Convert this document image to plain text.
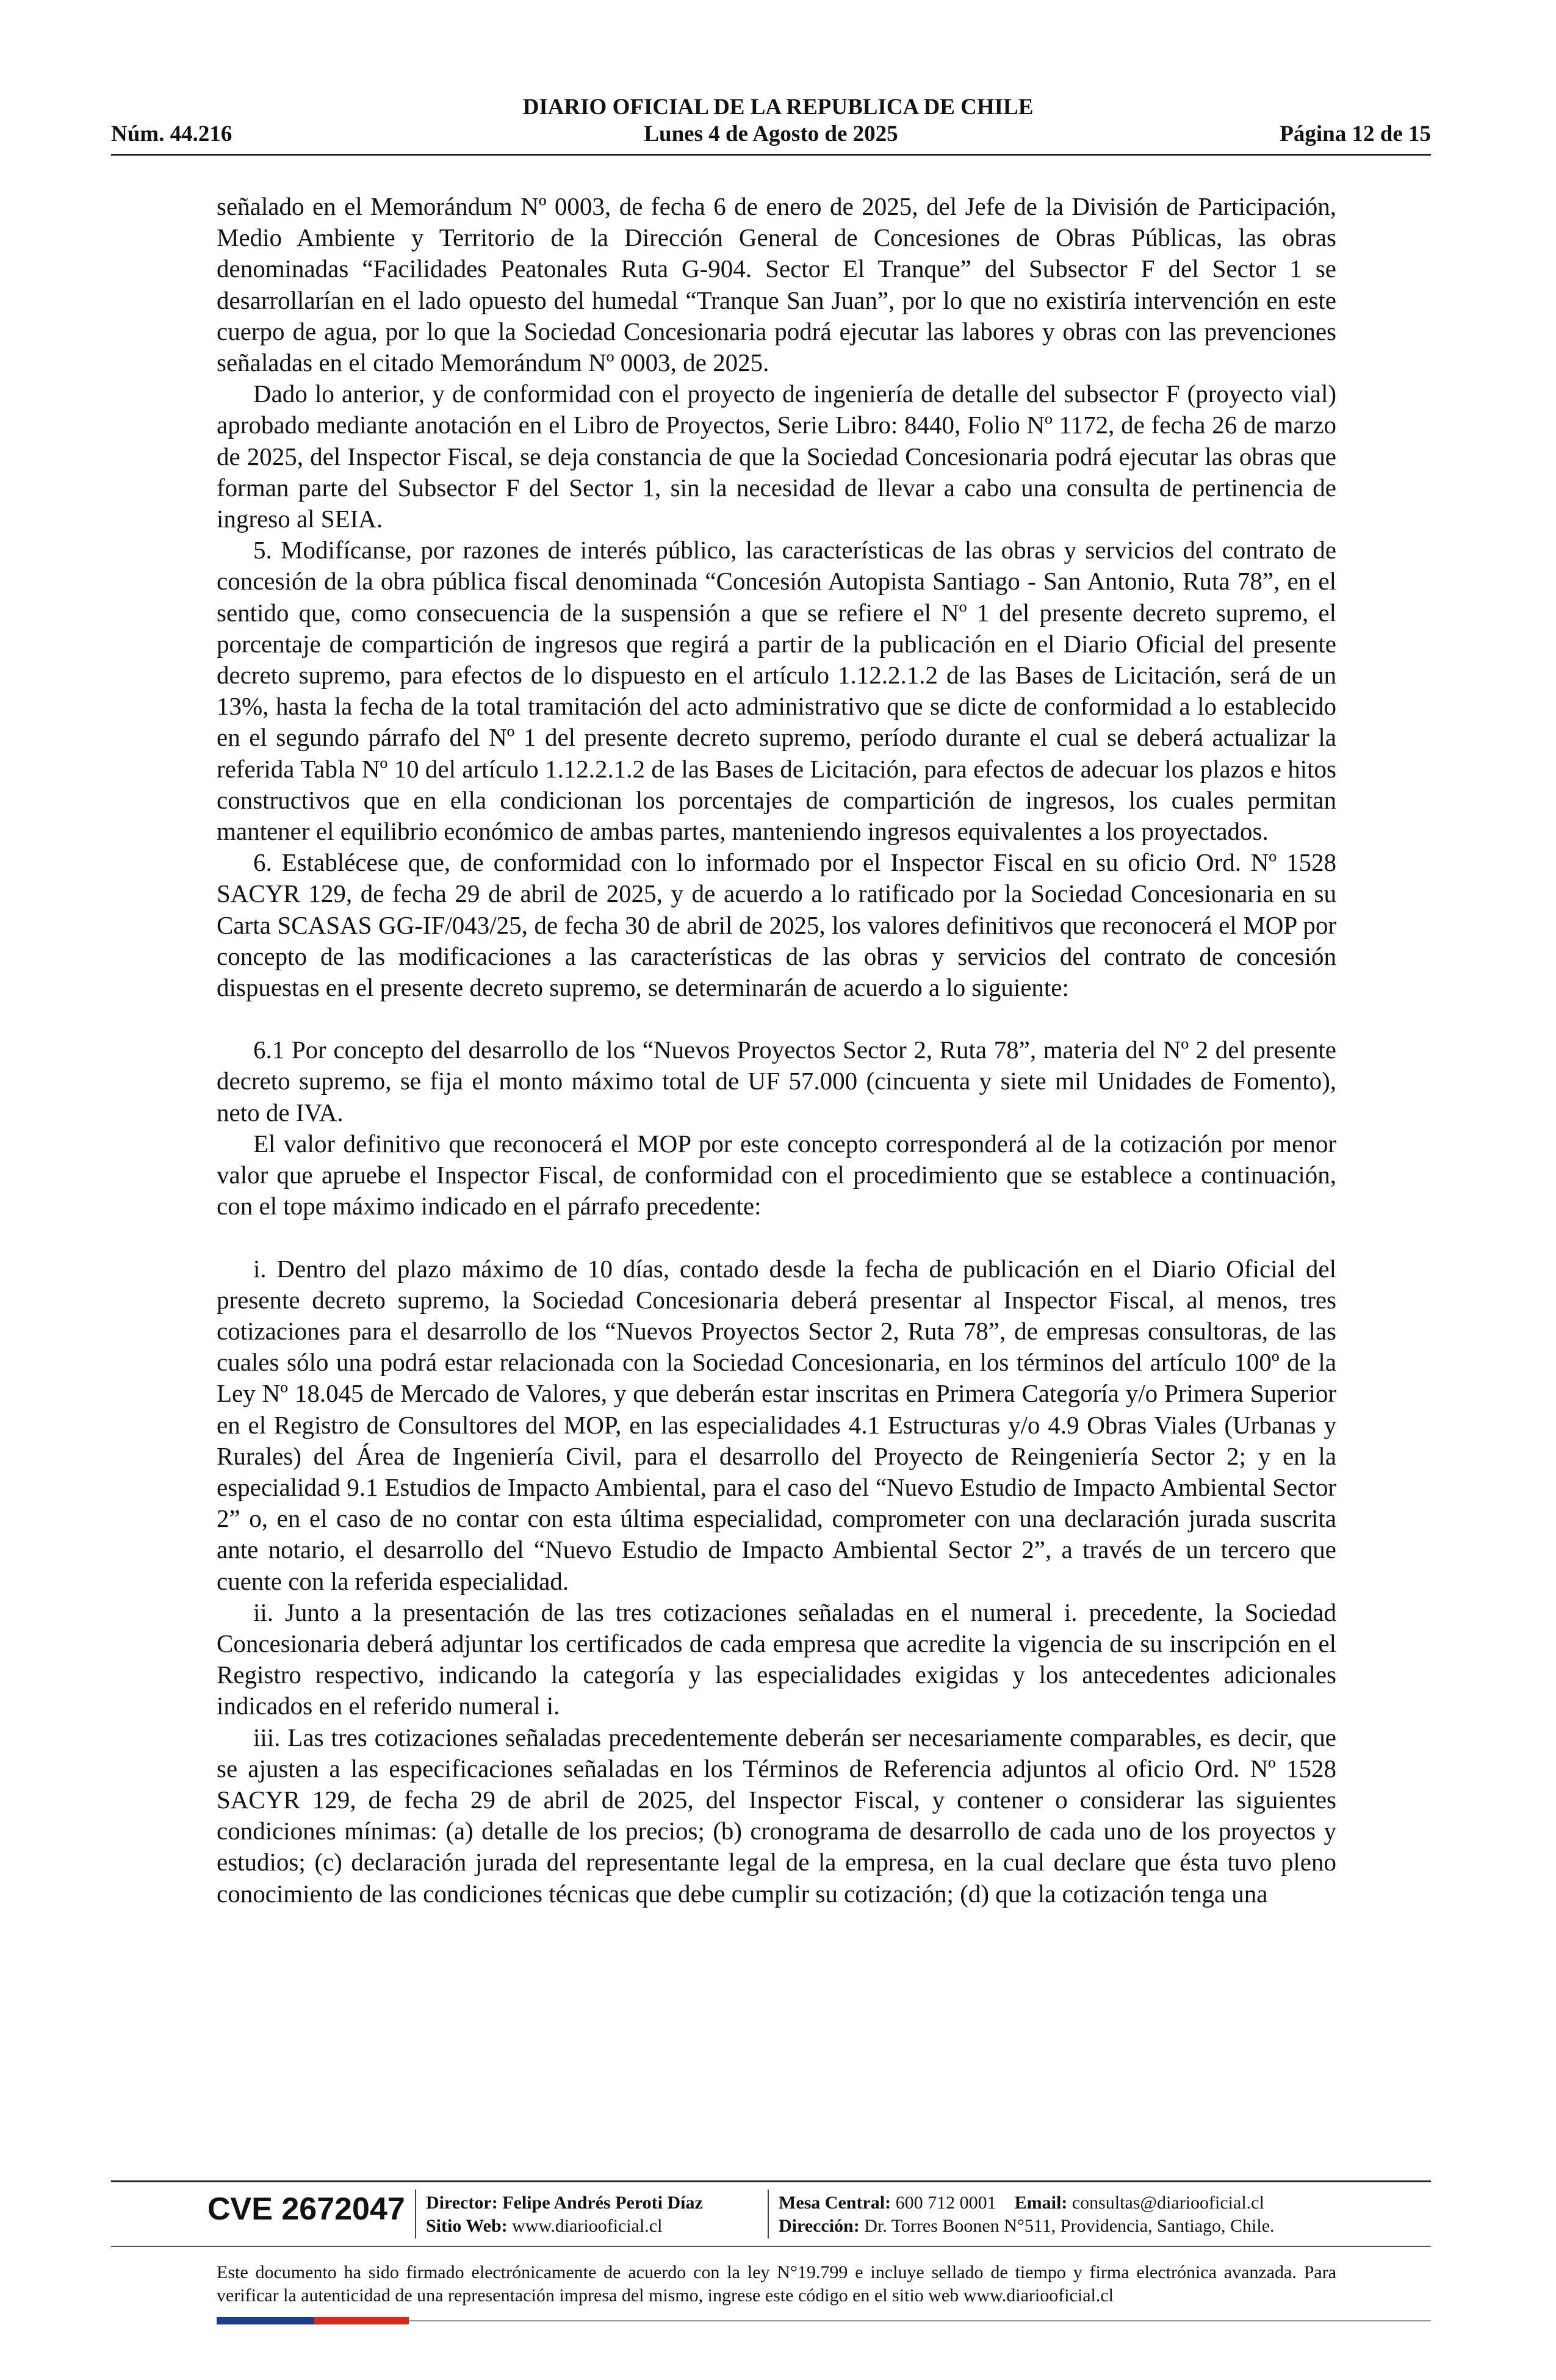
DIARIO OFICIAL DE LA REPUBLICA DE CHILE
Núm. 44.216	Lunes 4 de Agosto de 2025	Página 12 de 15

señalado en el Memorándum Nº 0003, de fecha 6 de enero de 2025, del Jefe de la División de Participación, Medio Ambiente y Territorio de la Dirección General de Concesiones de Obras Públicas, las obras denominadas “Facilidades Peatonales Ruta G-904. Sector El Tranque” del Subsector F del Sector 1 se desarrollarían en el lado opuesto del humedal “Tranque San Juan”, por lo que no existiría intervención en este cuerpo de agua, por lo que la Sociedad Concesionaria podrá ejecutar las labores y obras con las prevenciones señaladas en el citado Memorándum Nº 0003, de 2025.

Dado lo anterior, y de conformidad con el proyecto de ingeniería de detalle del subsector F (proyecto vial) aprobado mediante anotación en el Libro de Proyectos, Serie Libro: 8440, Folio Nº 1172, de fecha 26 de marzo de 2025, del Inspector Fiscal, se deja constancia de que la Sociedad Concesionaria podrá ejecutar las obras que forman parte del Subsector F del Sector 1, sin la necesidad de llevar a cabo una consulta de pertinencia de ingreso al SEIA.

5. Modifícanse, por razones de interés público, las características de las obras y servicios del contrato de concesión de la obra pública fiscal denominada “Concesión Autopista Santiago - San Antonio, Ruta 78”, en el sentido que, como consecuencia de la suspensión a que se refiere el Nº 1 del presente decreto supremo, el porcentaje de compartición de ingresos que regirá a partir de la publicación en el Diario Oficial del presente decreto supremo, para efectos de lo dispuesto en el artículo 1.12.2.1.2 de las Bases de Licitación, será de un 13%, hasta la fecha de la total tramitación del acto administrativo que se dicte de conformidad a lo establecido en el segundo párrafo del Nº 1 del presente decreto supremo, período durante el cual se deberá actualizar la referida Tabla Nº 10 del artículo 1.12.2.1.2 de las Bases de Licitación, para efectos de adecuar los plazos e hitos constructivos que en ella condicionan los porcentajes de compartición de ingresos, los cuales permitan mantener el equilibrio económico de ambas partes, manteniendo ingresos equivalentes a los proyectados.

6. Establécese que, de conformidad con lo informado por el Inspector Fiscal en su oficio Ord. Nº 1528 SACYR 129, de fecha 29 de abril de 2025, y de acuerdo a lo ratificado por la Sociedad Concesionaria en su Carta SCASAS GG-IF/043/25, de fecha 30 de abril de 2025, los valores definitivos que reconocerá el MOP por concepto de las modificaciones a las características de las obras y servicios del contrato de concesión dispuestas en el presente decreto supremo, se determinarán de acuerdo a lo siguiente:

6.1 Por concepto del desarrollo de los “Nuevos Proyectos Sector 2, Ruta 78”, materia del Nº 2 del presente decreto supremo, se fija el monto máximo total de UF 57.000 (cincuenta y siete mil Unidades de Fomento), neto de IVA.

El valor definitivo que reconocerá el MOP por este concepto corresponderá al de la cotización por menor valor que apruebe el Inspector Fiscal, de conformidad con el procedimiento que se establece a continuación, con el tope máximo indicado en el párrafo precedente:

i. Dentro del plazo máximo de 10 días, contado desde la fecha de publicación en el Diario Oficial del presente decreto supremo, la Sociedad Concesionaria deberá presentar al Inspector Fiscal, al menos, tres cotizaciones para el desarrollo de los “Nuevos Proyectos Sector 2, Ruta 78”, de empresas consultoras, de las cuales sólo una podrá estar relacionada con la Sociedad Concesionaria, en los términos del artículo 100º de la Ley Nº 18.045 de Mercado de Valores, y que deberán estar inscritas en Primera Categoría y/o Primera Superior en el Registro de Consultores del MOP, en las especialidades 4.1 Estructuras y/o 4.9 Obras Viales (Urbanas y Rurales) del Área de Ingeniería Civil, para el desarrollo del Proyecto de Reingeniería Sector 2; y en la especialidad 9.1 Estudios de Impacto Ambiental, para el caso del “Nuevo Estudio de Impacto Ambiental Sector 2” o, en el caso de no contar con esta última especialidad, comprometer con una declaración jurada suscrita ante notario, el desarrollo del “Nuevo Estudio de Impacto Ambiental Sector 2”, a través de un tercero que cuente con la referida especialidad.

ii. Junto a la presentación de las tres cotizaciones señaladas en el numeral i. precedente, la Sociedad Concesionaria deberá adjuntar los certificados de cada empresa que acredite la vigencia de su inscripción en el Registro respectivo, indicando la categoría y las especialidades exigidas y los antecedentes adicionales indicados en el referido numeral i.

iii. Las tres cotizaciones señaladas precedentemente deberán ser necesariamente comparables, es decir, que se ajusten a las especificaciones señaladas en los Términos de Referencia adjuntos al oficio Ord. Nº 1528 SACYR 129, de fecha 29 de abril de 2025, del Inspector Fiscal, y contener o considerar las siguientes condiciones mínimas: (a) detalle de los precios; (b) cronograma de desarrollo de cada uno de los proyectos y estudios; (c) declaración jurada del representante legal de la empresa, en la cual declare que ésta tuvo pleno conocimiento de las condiciones técnicas que debe cumplir su cotización; (d) que la cotización tenga una

CVE 2672047 Director: Felipe Andrés Peroti Díaz
Sitio Web: www.diariooficial.cl
Mesa Central: 600 712 0001 Email: consultas@diariooficial.cl
Dirección: Dr. Torres Boonen N°511, Providencia, Santiago, Chile.
Este documento ha sido firmado electrónicamente de acuerdo con la ley N°19.799 e incluye sellado de tiempo y firma electrónica avanzada. Para verificar la autenticidad de una representación impresa del mismo, ingrese este código en el sitio web www.diariooficial.cl
